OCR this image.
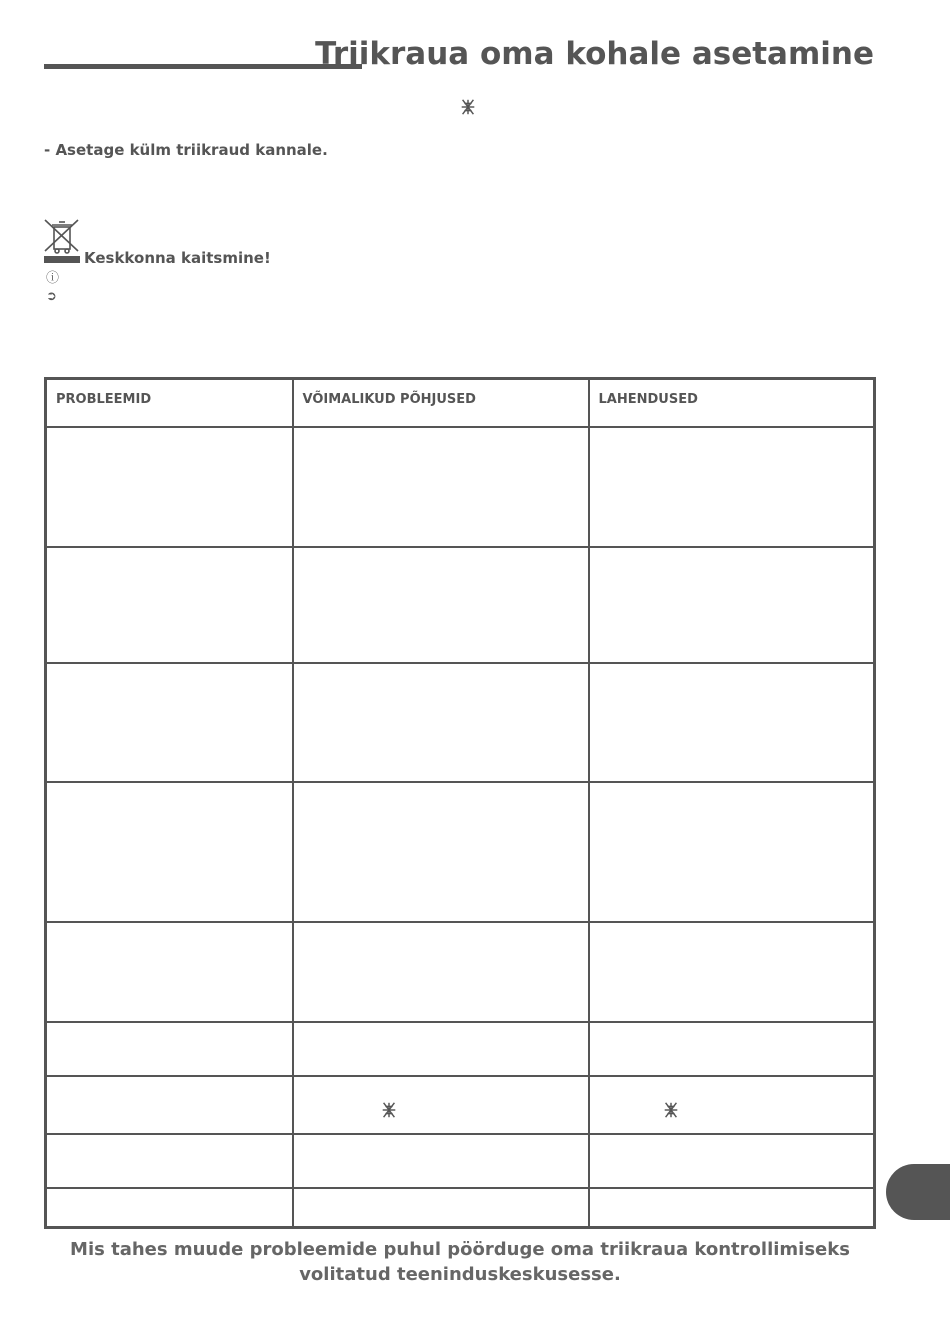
Triikraua oma kohale asetamine
- Asetage külm triikraud kannale.
Keskkonna kaitsmine!
ⓘ
➲
PROBLEEMID	VÕIMALIKUD PÕHJUSED	LAHENDUSED

Mis tahes muude probleemide puhul pöörduge oma triikraua kontrollimiseks
volitatud teeninduskeskusesse.
